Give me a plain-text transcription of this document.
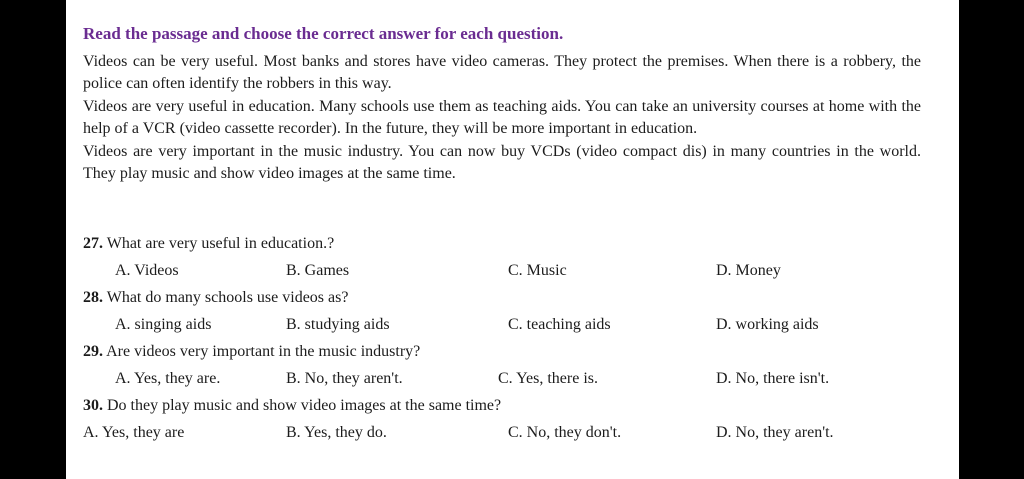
Read the passage and choose the correct answer for each question.

Videos can be very useful. Most banks and stores have video cameras. They protect the premises. When there is a robbery, the police can often identify the robbers in this way.

Videos are very useful in education. Many schools use them as teaching aids. You can take an university courses at home with the help of a VCR (video cassette recorder). In the future, they will be more important in education.

Videos are very important in the music industry. You can now buy VCDs (video compact dis) in many countries in the world. They play music and show video images at the same time.

27. What are very useful in education.?
A. Videos	B. Games	C. Music	D. Money
28. What do many schools use videos as?
A. singing aids	B. studying aids	C. teaching aids	D. working aids
29. Are videos very important in the music industry?
A. Yes, they are.	B. No, they aren't.	C. Yes, there is.	D. No, there isn't.
30. Do they play music and show video images at the same time?
A. Yes, they are	B. Yes, they do.	C. No, they don't.	D. No, they aren't.
